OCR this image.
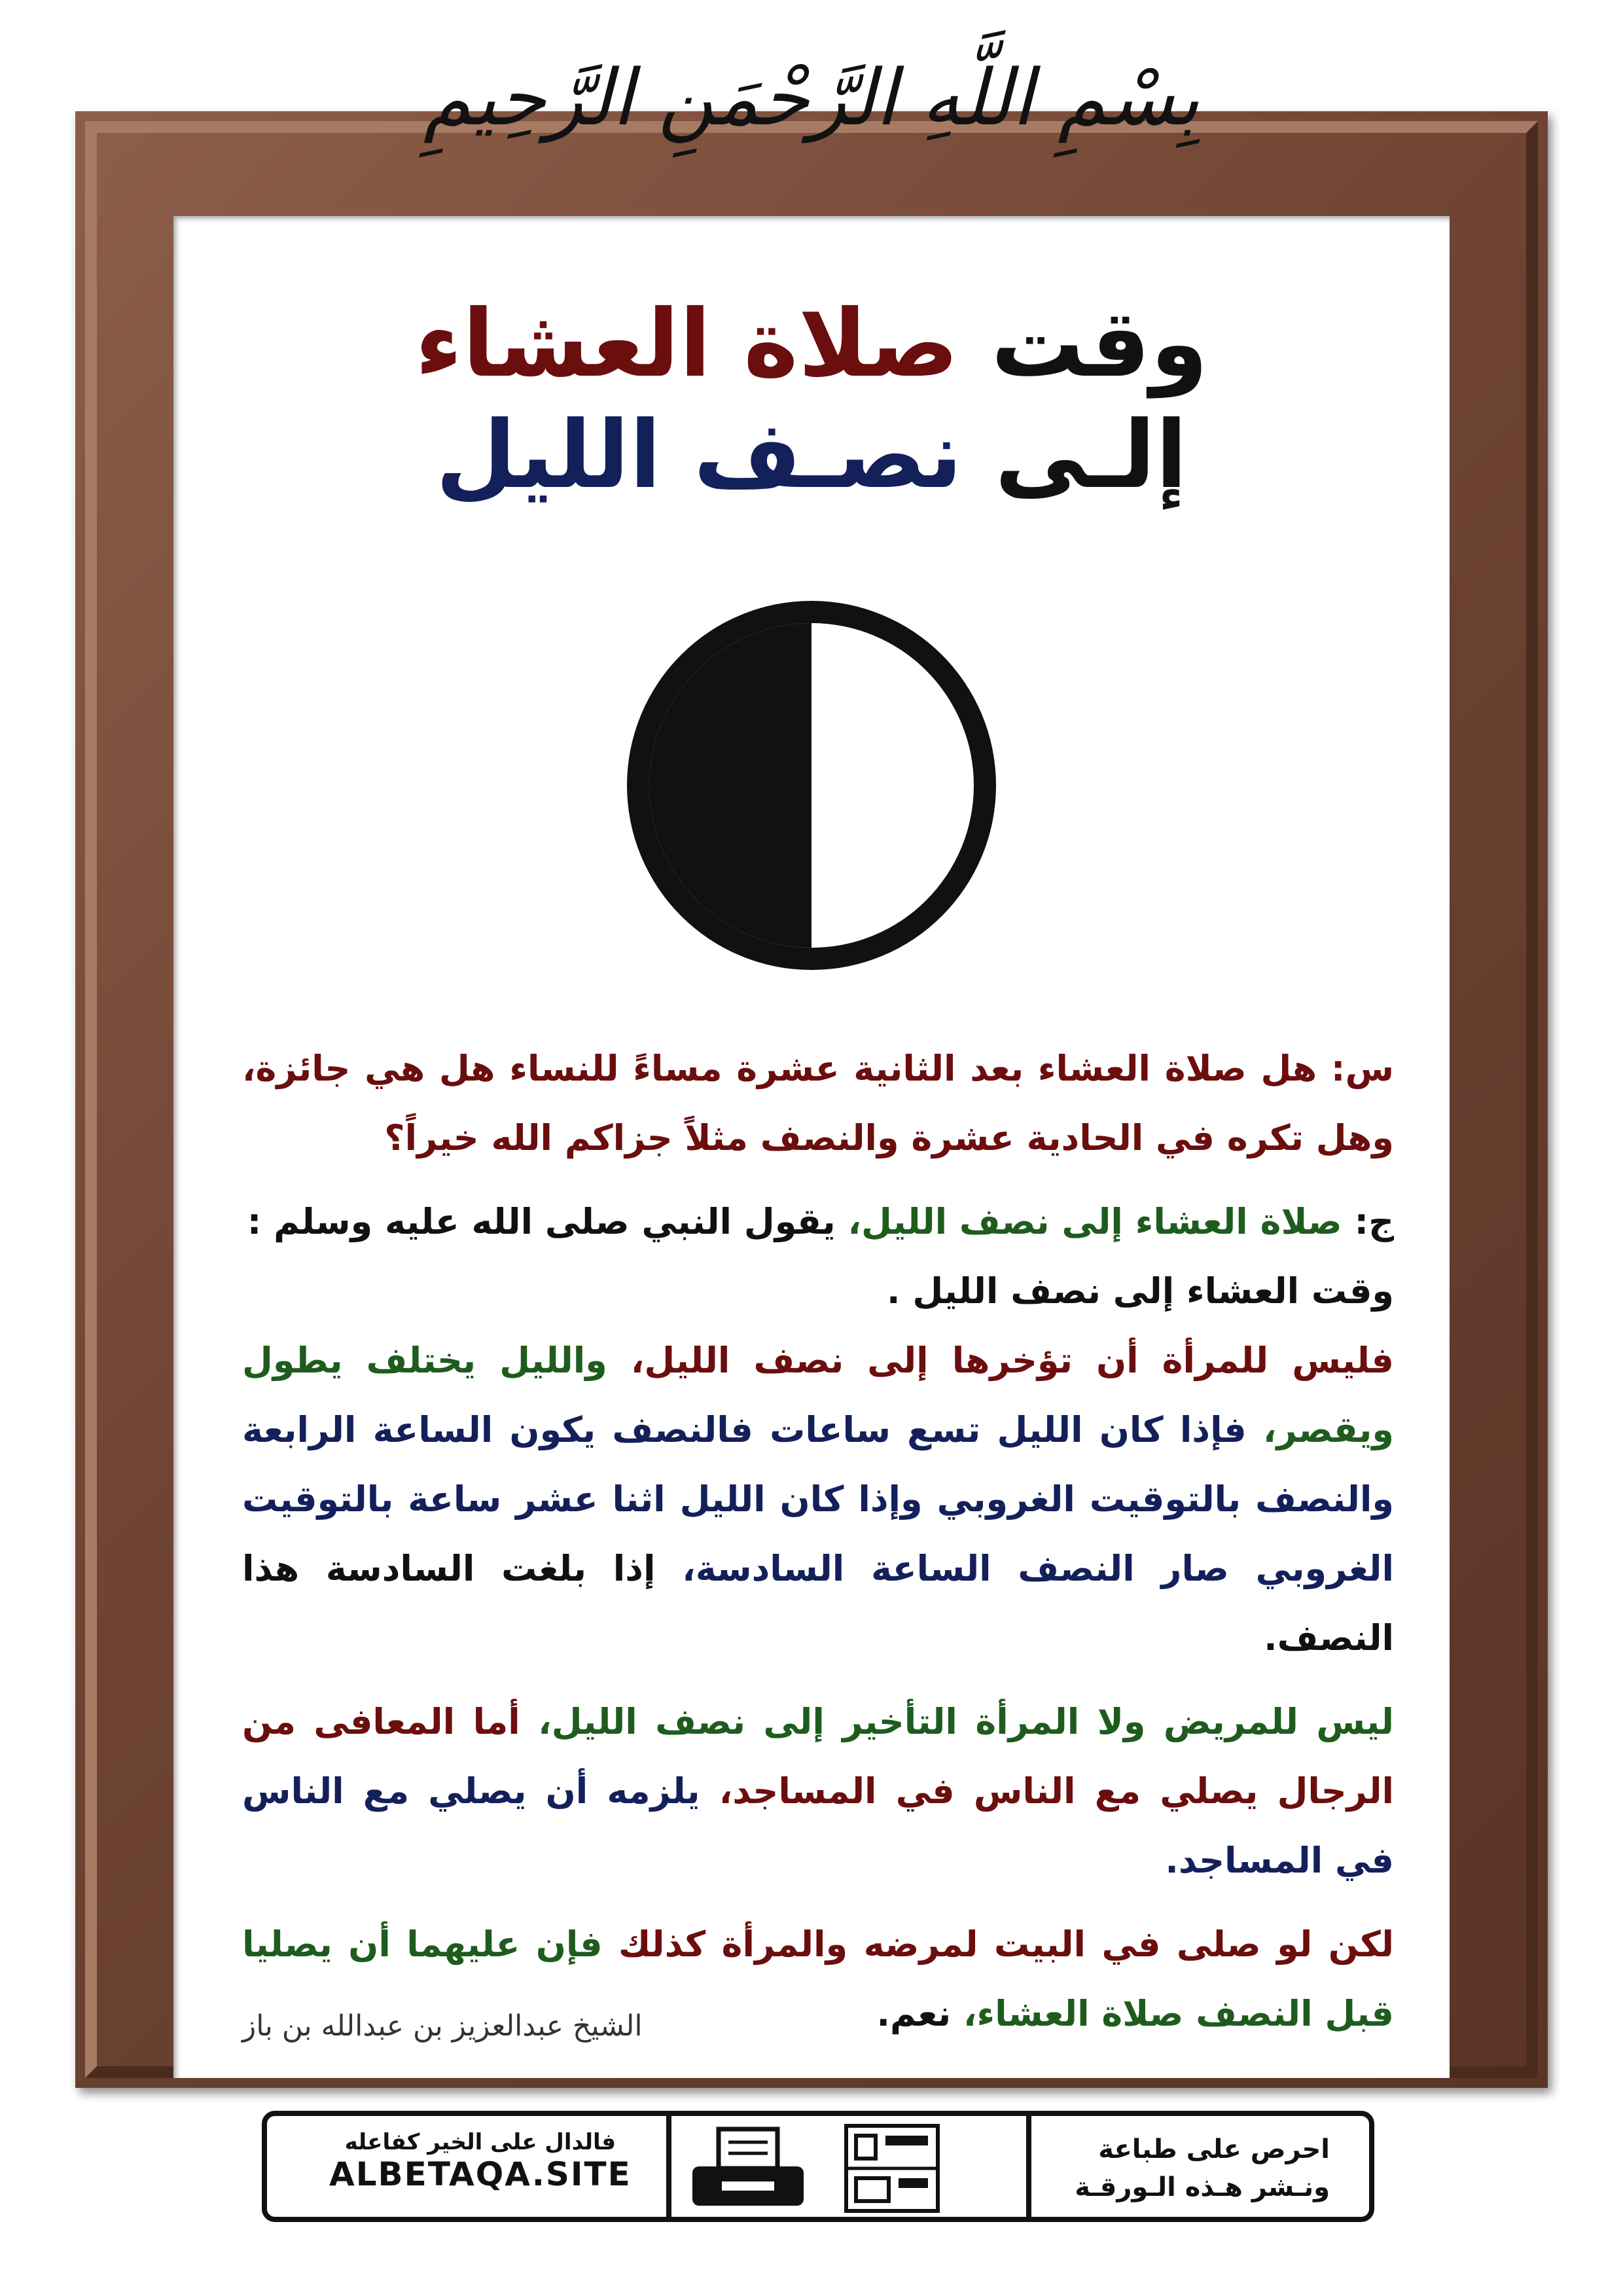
بِسْمِ اللَّهِ الرَّحْمَنِ الرَّحِيمِ
وقت صلاة العشاء
إلـى نصـف الليل

س: هل صلاة العشاء بعد الثانية عشرة مساءً للنساء هل هي جائزة، وهل تكره في الحادية عشرة والنصف مثلاً جزاكم الله خيراً؟

ج: صلاة العشاء إلى نصف الليل، يقول النبي صلى الله عليه وسلم :
وقت العشاء إلى نصف الليل .
فليس للمرأة أن تؤخرها إلى نصف الليل، والليل يختلف يطول ويقصر، فإذا كان الليل تسع ساعات فالنصف يكون الساعة الرابعة والنصف بالتوقيت الغروبي وإذا كان الليل اثنا عشر ساعة بالتوقيت الغروبي صار النصف الساعة السادسة، إذا بلغت السادسة هذا النصف.

ليس للمريض ولا المرأة التأخير إلى نصف الليل، أما المعافى من الرجال يصلي مع الناس في المساجد، يلزمه أن يصلي مع الناس في المساجد.

لكن لو صلى في البيت لمرضه والمرأة كذلك فإن عليهما أن يصليا قبل النصف صلاة العشاء، نعم.

الشيخ عبدالعزيز بن عبدالله بن باز
احرص على طباعة
ونـشر هـذه الـورقـة
فالدال على الخير كفاعله
ALBETAQA.SITE
